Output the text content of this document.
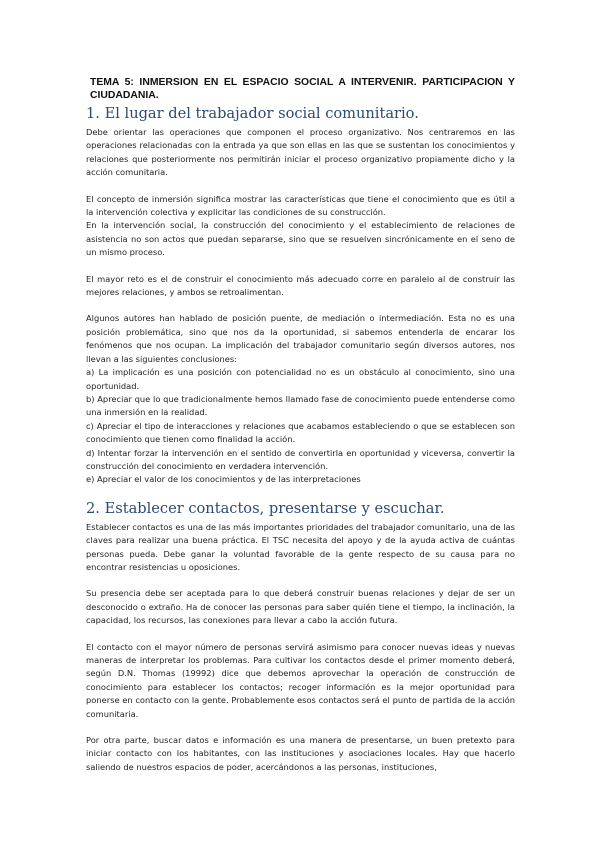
TEMA 5: INMERSION EN EL ESPACIO SOCIAL A INTERVENIR. PARTICIPACION Y CIUDADANIA.
1. El lugar del trabajador social comunitario.

Debe orientar las operaciones que componen el proceso organizativo. Nos centraremos en las operaciones relacionadas con la entrada ya que son ellas en las que se sustentan los conocimientos y relaciones que posteriormente nos permitirán iniciar el proceso organizativo propiamente dicho y la acción comunitaria.

El concepto de inmersión significa mostrar las características que tiene el conocimiento que es útil a la intervención colectiva y explicitar las condiciones de su construcción.

En la intervención social, la construcción del conocimiento y el establecimiento de relaciones de asistencia no son actos que puedan separarse, sino que se resuelven sincrónicamente en el seno de un mismo proceso.

El mayor reto es el de construir el conocimiento más adecuado corre en paralelo al de construir las mejores relaciones, y ambos se retroalimentan.

Algunos autores han hablado de posición puente, de mediación o intermediación. Esta no es una posición problemática, sino que nos da la oportunidad, si sabemos entenderla de encarar los fenómenos que nos ocupan. La implicación del trabajador comunitario según diversos autores, nos llevan a las siguientes conclusiones:

a) La implicación es una posición con potencialidad no es un obstáculo al conocimiento, sino una oportunidad.

b) Apreciar que lo que tradicionalmente hemos llamado fase de conocimiento puede entenderse como una inmersión en la realidad.

c) Apreciar el tipo de interacciones y relaciones que acabamos estableciendo o que se establecen son conocimiento que tienen como finalidad la acción.

d) Intentar forzar la intervención en el sentido de convertirla en oportunidad y viceversa, convertir la construcción del conocimiento en verdadera intervención.

e) Apreciar el valor de los conocimientos y de las interpretaciones

2. Establecer contactos, presentarse y escuchar.

Establecer contactos es una de las más importantes prioridades del trabajador comunitario, una de las claves para realizar una buena práctica. El TSC necesita del apoyo y de la ayuda activa de cuántas personas pueda. Debe ganar la voluntad favorable de la gente respecto de su causa para no encontrar resistencias u oposiciones.

Su presencia debe ser aceptada para lo que deberá construir buenas relaciones y dejar de ser un desconocido o extraño. Ha de conocer las personas para saber quién tiene el tiempo, la inclinación, la capacidad, los recursos, las conexiones para llevar a cabo la acción futura.

El contacto con el mayor número de personas servirá asimismo para conocer nuevas ideas y nuevas maneras de interpretar los problemas. Para cultivar los contactos desde el primer momento deberá, según D.N. Thomas (19992) dice que debemos aprovechar la operación de construcción de conocimiento para establecer los contactos; recoger información es la mejor oportunidad para ponerse en contacto con la gente. Probablemente esos contactos será el punto de partida de la acción comunitaria.

Por otra parte, buscar datos e información es una manera de presentarse, un buen pretexto para iniciar contacto con los habitantes, con las instituciones y asociaciones locales. Hay que hacerlo saliendo de nuestros espacios de poder, acercándonos a las personas, instituciones,
